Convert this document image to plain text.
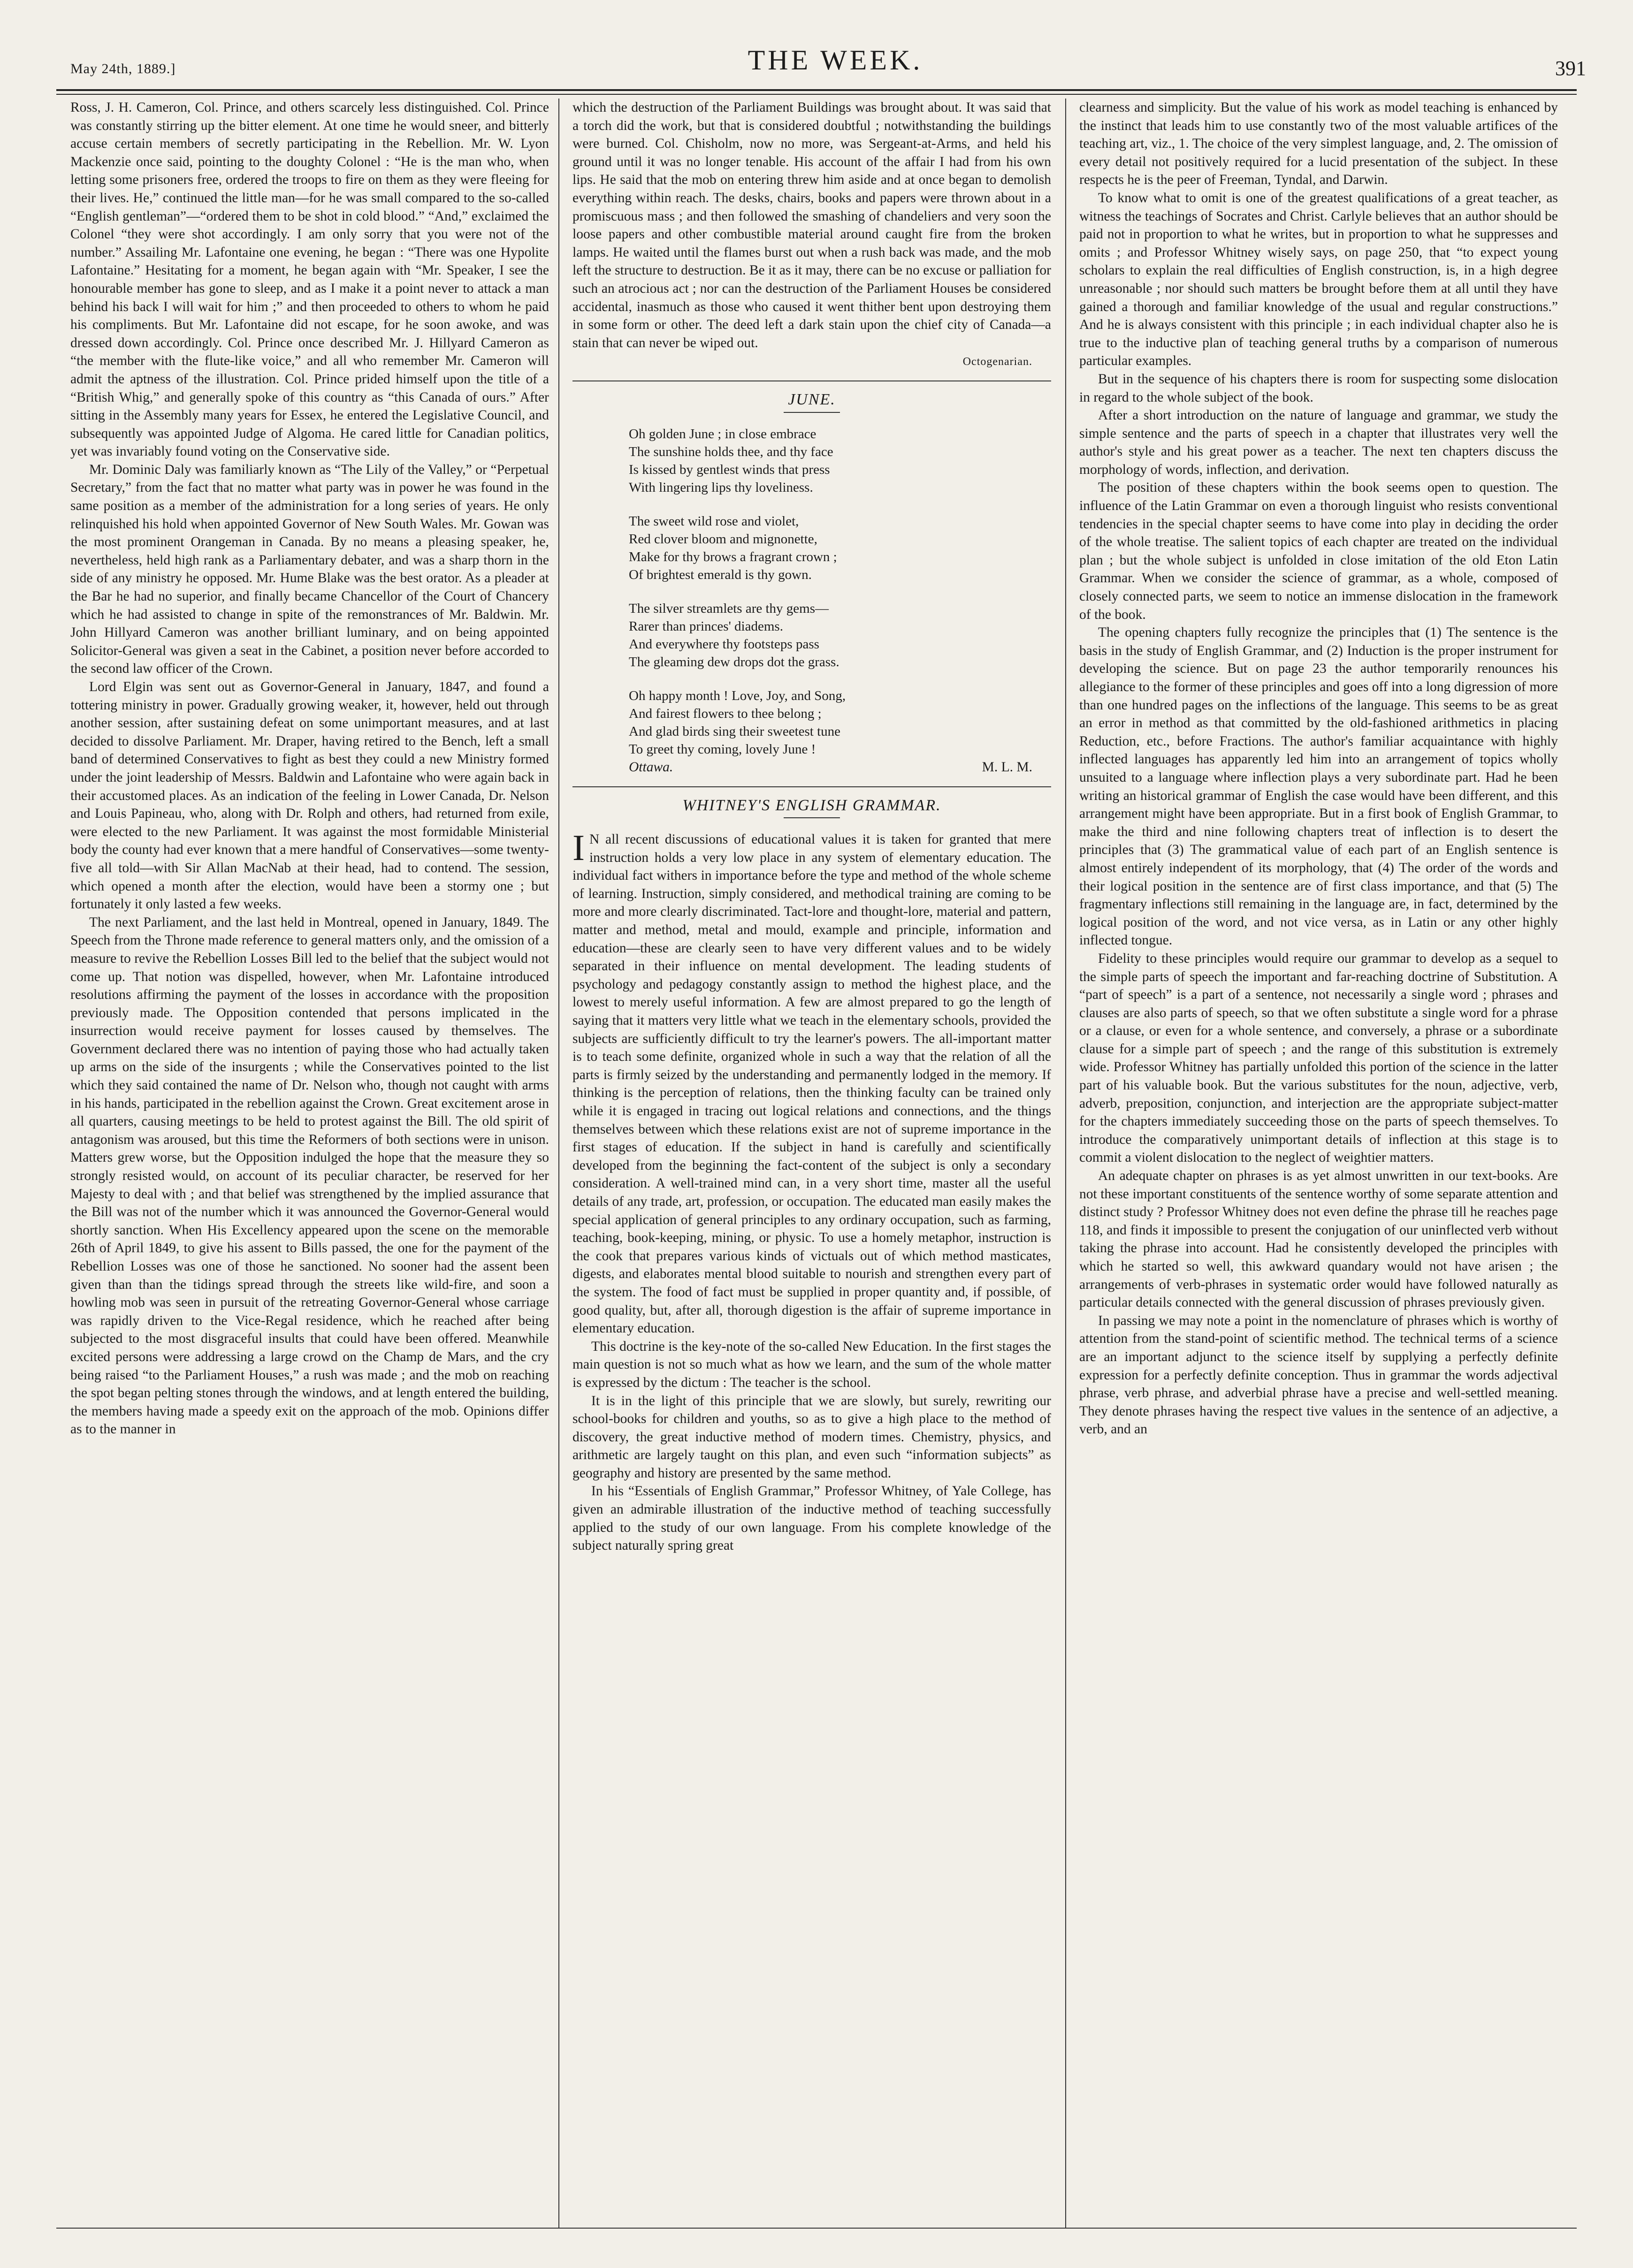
May 24th, 1889.]	THE WEEK.	391

Ross, J. H. Cameron, Col. Prince, and others scarcely less distinguished. Col. Prince was constantly stirring up the bitter element. At one time he would sneer, and bitterly accuse certain members of secretly participating in the Rebellion. Mr. W. Lyon Mackenzie once said, pointing to the doughty Colonel : “He is the man who, when letting some prisoners free, ordered the troops to fire on them as they were fleeing for their lives. He,” continued the little man—for he was small compared to the so-called “English gentleman”—“ordered them to be shot in cold blood.” “And,” exclaimed the Colonel “they were shot accordingly. I am only sorry that you were not of the number.” Assailing Mr. Lafontaine one evening, he began : “There was one Hypolite Lafontaine.” Hesitating for a moment, he began again with “Mr. Speaker, I see the honourable member has gone to sleep, and as I make it a point never to attack a man behind his back I will wait for him ;” and then proceeded to others to whom he paid his compliments. But Mr. Lafontaine did not escape, for he soon awoke, and was dressed down accordingly. Col. Prince once described Mr. J. Hillyard Cameron as “the member with the flute-like voice,” and all who remember Mr. Cameron will admit the aptness of the illustration. Col. Prince prided himself upon the title of a “British Whig,” and generally spoke of this country as “this Canada of ours.” After sitting in the Assembly many years for Essex, he entered the Legislative Council, and subsequently was appointed Judge of Algoma. He cared little for Canadian politics, yet was invariably found voting on the Conservative side.

Mr. Dominic Daly was familiarly known as “The Lily of the Valley,” or “Perpetual Secretary,” from the fact that no matter what party was in power he was found in the same position as a member of the administration for a long series of years. He only relinquished his hold when appointed Governor of New South Wales. Mr. Gowan was the most prominent Orangeman in Canada. By no means a pleasing speaker, he, nevertheless, held high rank as a Parliamentary debater, and was a sharp thorn in the side of any ministry he opposed. Mr. Hume Blake was the best orator. As a pleader at the Bar he had no superior, and finally became Chancellor of the Court of Chancery which he had assisted to change in spite of the remonstrances of Mr. Baldwin. Mr. John Hillyard Cameron was another brilliant luminary, and on being appointed Solicitor-General was given a seat in the Cabinet, a position never before accorded to the second law officer of the Crown.

Lord Elgin was sent out as Governor-General in January, 1847, and found a tottering ministry in power. Gradually growing weaker, it, however, held out through another session, after sustaining defeat on some unimportant measures, and at last decided to dissolve Parliament. Mr. Draper, having retired to the Bench, left a small band of determined Conservatives to fight as best they could a new Ministry formed under the joint leadership of Messrs. Baldwin and Lafontaine who were again back in their accustomed places. As an indication of the feeling in Lower Canada, Dr. Nelson and Louis Papineau, who, along with Dr. Rolph and others, had returned from exile, were elected to the new Parliament. It was against the most formidable Ministerial body the county had ever known that a mere handful of Conservatives—some twenty-five all told—with Sir Allan MacNab at their head, had to contend. The session, which opened a month after the election, would have been a stormy one ; but fortunately it only lasted a few weeks.

The next Parliament, and the last held in Montreal, opened in January, 1849. The Speech from the Throne made reference to general matters only, and the omission of a measure to revive the Rebellion Losses Bill led to the belief that the subject would not come up. That notion was dispelled, however, when Mr. Lafontaine introduced resolutions affirming the payment of the losses in accordance with the proposition previously made. The Opposition contended that persons implicated in the insurrection would receive payment for losses caused by themselves. The Government declared there was no intention of paying those who had actually taken up arms on the side of the insurgents ; while the Conservatives pointed to the list which they said contained the name of Dr. Nelson who, though not caught with arms in his hands, participated in the rebellion against the Crown. Great excitement arose in all quarters, causing meetings to be held to protest against the Bill. The old spirit of antagonism was aroused, but this time the Reformers of both sections were in unison. Matters grew worse, but the Opposition indulged the hope that the measure they so strongly resisted would, on account of its peculiar character, be reserved for her Majesty to deal with ; and that belief was strengthened by the implied assurance that the Bill was not of the number which it was announced the Governor-General would shortly sanction. When His Excellency appeared upon the scene on the memorable 26th of April 1849, to give his assent to Bills passed, the one for the payment of the Rebellion Losses was one of those he sanctioned. No sooner had the assent been given than than the tidings spread through the streets like wild-fire, and soon a howling mob was seen in pursuit of the retreating Governor-General whose carriage was rapidly driven to the Vice-Regal residence, which he reached after being subjected to the most disgraceful insults that could have been offered. Meanwhile excited persons were addressing a large crowd on the Champ de Mars, and the cry being raised “to the Parliament Houses,” a rush was made ; and the mob on reaching the spot began pelting stones through the windows, and at length entered the building, the members having made a speedy exit on the approach of the mob. Opinions differ as to the manner in

which the destruction of the Parliament Buildings was brought about. It was said that a torch did the work, but that is considered doubtful ; notwithstanding the buildings were burned. Col. Chisholm, now no more, was Sergeant-at-Arms, and held his ground until it was no longer tenable. His account of the affair I had from his own lips. He said that the mob on entering threw him aside and at once began to demolish everything within reach. The desks, chairs, books and papers were thrown about in a promiscuous mass ; and then followed the smashing of chandeliers and very soon the loose papers and other combustible material around caught fire from the broken lamps. He waited until the flames burst out when a rush back was made, and the mob left the structure to destruction. Be it as it may, there can be no excuse or palliation for such an atrocious act ; nor can the destruction of the Parliament Houses be considered accidental, inasmuch as those who caused it went thither bent upon destroying them in some form or other. The deed left a dark stain upon the chief city of Canada—a stain that can never be wiped out.

Octogenarian.
JUNE.
Oh golden June ; in close embrace
The sunshine holds thee, and thy face
Is kissed by gentlest winds that press
With lingering lips thy loveliness.
The sweet wild rose and violet,
Red clover bloom and mignonette,
Make for thy brows a fragrant crown ;
Of brightest emerald is thy gown.
The silver streamlets are thy gems—
Rarer than princes' diadems.
And everywhere thy footsteps pass
The gleaming dew drops dot the grass.
Oh happy month ! Love, Joy, and Song,
And fairest flowers to thee belong ;
And glad birds sing their sweetest tune
To greet thy coming, lovely June !
Ottawa.	M. L. M.
WHITNEY'S ENGLISH GRAMMAR.

I N all recent discussions of educational values it is taken for granted that mere instruction holds a very low place in any system of elementary education. The individual fact withers in importance before the type and method of the whole scheme of learning. Instruction, simply considered, and methodical training are coming to be more and more clearly discriminated. Tact-lore and thought-lore, material and pattern, matter and method, metal and mould, example and principle, information and education—these are clearly seen to have very different values and to be widely separated in their influence on mental development. The leading students of psychology and pedagogy constantly assign to method the highest place, and the lowest to merely useful information. A few are almost prepared to go the length of saying that it matters very little what we teach in the elementary schools, provided the subjects are sufficiently difficult to try the learner's powers. The all-important matter is to teach some definite, organized whole in such a way that the relation of all the parts is firmly seized by the understanding and permanently lodged in the memory. If thinking is the perception of relations, then the thinking faculty can be trained only while it is engaged in tracing out logical relations and connections, and the things themselves between which these relations exist are not of supreme importance in the first stages of education. If the subject in hand is carefully and scientifically developed from the beginning the fact-content of the subject is only a secondary consideration. A well-trained mind can, in a very short time, master all the useful details of any trade, art, profession, or occupation. The educated man easily makes the special application of general principles to any ordinary occupation, such as farming, teaching, book-keeping, mining, or physic. To use a homely metaphor, instruction is the cook that prepares various kinds of victuals out of which method masticates, digests, and elaborates mental blood suitable to nourish and strengthen every part of the system. The food of fact must be supplied in proper quantity and, if possible, of good quality, but, after all, thorough digestion is the affair of supreme importance in elementary education.

This doctrine is the key-note of the so-called New Education. In the first stages the main question is not so much what as how we learn, and the sum of the whole matter is expressed by the dictum : The teacher is the school.

It is in the light of this principle that we are slowly, but surely, rewriting our school-books for children and youths, so as to give a high place to the method of discovery, the great inductive method of modern times. Chemistry, physics, and arithmetic are largely taught on this plan, and even such “information subjects” as geography and history are presented by the same method.

In his “Essentials of English Grammar,” Professor Whitney, of Yale College, has given an admirable illustration of the inductive method of teaching successfully applied to the study of our own language. From his complete knowledge of the subject naturally spring great

clearness and simplicity. But the value of his work as model teaching is enhanced by the instinct that leads him to use constantly two of the most valuable artifices of the teaching art, viz., 1. The choice of the very simplest language, and, 2. The omission of every detail not positively required for a lucid presentation of the subject. In these respects he is the peer of Freeman, Tyndal, and Darwin.

To know what to omit is one of the greatest qualifications of a great teacher, as witness the teachings of Socrates and Christ. Carlyle believes that an author should be paid not in proportion to what he writes, but in proportion to what he suppresses and omits ; and Professor Whitney wisely says, on page 250, that “to expect young scholars to explain the real difficulties of English construction, is, in a high degree unreasonable ; nor should such matters be brought before them at all until they have gained a thorough and familiar knowledge of the usual and regular constructions.” And he is always consistent with this principle ; in each individual chapter also he is true to the inductive plan of teaching general truths by a comparison of numerous particular examples.

But in the sequence of his chapters there is room for suspecting some dislocation in regard to the whole subject of the book.

After a short introduction on the nature of language and grammar, we study the simple sentence and the parts of speech in a chapter that illustrates very well the author's style and his great power as a teacher. The next ten chapters discuss the morphology of words, inflection, and derivation.

The position of these chapters within the book seems open to question. The influence of the Latin Grammar on even a thorough linguist who resists conventional tendencies in the special chapter seems to have come into play in deciding the order of the whole treatise. The salient topics of each chapter are treated on the individual plan ; but the whole subject is unfolded in close imitation of the old Eton Latin Grammar. When we consider the science of grammar, as a whole, composed of closely connected parts, we seem to notice an immense dislocation in the framework of the book.

The opening chapters fully recognize the principles that (1) The sentence is the basis in the study of English Grammar, and (2) Induction is the proper instrument for developing the science. But on page 23 the author temporarily renounces his allegiance to the former of these principles and goes off into a long digression of more than one hundred pages on the inflections of the language. This seems to be as great an error in method as that committed by the old-fashioned arithmetics in placing Reduction, etc., before Fractions. The author's familiar acquaintance with highly inflected languages has apparently led him into an arrangement of topics wholly unsuited to a language where inflection plays a very subordinate part. Had he been writing an historical grammar of English the case would have been different, and this arrangement might have been appropriate. But in a first book of English Grammar, to make the third and nine following chapters treat of inflection is to desert the principles that (3) The grammatical value of each part of an English sentence is almost entirely independent of its morphology, that (4) The order of the words and their logical position in the sentence are of first class importance, and that (5) The fragmentary inflections still remaining in the language are, in fact, determined by the logical position of the word, and not vice versa, as in Latin or any other highly inflected tongue.

Fidelity to these principles would require our grammar to develop as a sequel to the simple parts of speech the important and far-reaching doctrine of Substitution. A “part of speech” is a part of a sentence, not necessarily a single word ; phrases and clauses are also parts of speech, so that we often substitute a single word for a phrase or a clause, or even for a whole sentence, and conversely, a phrase or a subordinate clause for a simple part of speech ; and the range of this substitution is extremely wide. Professor Whitney has partially unfolded this portion of the science in the latter part of his valuable book. But the various substitutes for the noun, adjective, verb, adverb, preposition, conjunction, and interjection are the appropriate subject-matter for the chapters immediately succeeding those on the parts of speech themselves. To introduce the comparatively unimportant details of inflection at this stage is to commit a violent dislocation to the neglect of weightier matters.

An adequate chapter on phrases is as yet almost unwritten in our text-books. Are not these important constituents of the sentence worthy of some separate attention and distinct study ? Professor Whitney does not even define the phrase till he reaches page 118, and finds it impossible to present the conjugation of our uninflected verb without taking the phrase into account. Had he consistently developed the principles with which he started so well, this awkward quandary would not have arisen ; the arrangements of verb-phrases in systematic order would have followed naturally as particular details connected with the general discussion of phrases previously given.

In passing we may note a point in the nomenclature of phrases which is worthy of attention from the stand-point of scientific method. The technical terms of a science are an important adjunct to the science itself by supplying a perfectly definite expression for a perfectly definite conception. Thus in grammar the words adjectival phrase, verb phrase, and adverbial phrase have a precise and well-settled meaning. They denote phrases having the respect tive values in the sentence of an adjective, a verb, and an
